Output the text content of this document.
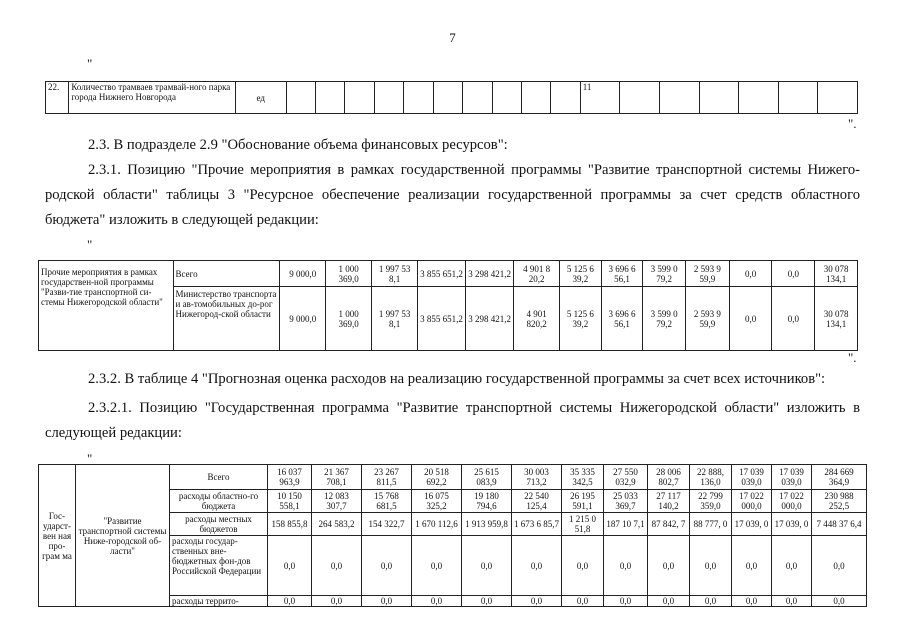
7
"
22.	Количество трамваев трамвай-ного парка города Нижнего Новгорода	ед											11						
".
2.3. В подразделе 2.9 "Обоснование объема финансовых ресурсов":
2.3.1. Позицию "Прочие мероприятия в рамках государственной программы "Развитие транспортной системы Нижего-
родской области" таблицы 3 "Ресурсное обеспечение реализации государственной программы за счет средств областного
бюджета" изложить в следующей редакции:
"
Прочие мероприятия в рамках государствен-ной программы "Разви-тие транспортной си-стемы Нижегородской области"	Всего	9 000,0	1 000 369,0	1 997 53 8,1	3 855 651,2	3 298 421,2	4 901 8 20,2	5 125 6 39,2	3 696 6 56,1	3 599 0 79,2	2 593 9 59,9	0,0	0,0	30 078 134,1
	Министерство транспорта и ав-томобильных до-рог Нижегород-ской области	9 000,0	1 000 369,0	1 997 53 8,1	3 855 651,2	3 298 421,2	4 901 820,2	5 125 6 39,2	3 696 6 56,1	3 599 0 79,2	2 593 9 59,9	0,0	0,0	30 078 134,1
".
2.3.2. В таблице 4 "Прогнозная оценка расходов на реализацию государственной программы за счет всех источников":
2.3.2.1. Позицию "Государственная программа "Развитие транспортной системы Нижегородской области" изложить в
следующей редакции:
"
Гос-ударст-вен ная про-грам ма	"Развитие транспортной системы Ниже-городской об-ласти"	Всего	16 037 963,9	21 367 708,1	23 267 811,5	20 518 692,2	25 615 083,9	30 003 713,2	35 335 342,5	27 550 032,9	28 006 802,7	22 888, 136,0	17 039 039,0	17 039 039,0	284 669 364,9
		расходы областно-го бюджета	10 150 558,1	12 083 307,7	15 768 681,5	16 075 325,2	19 180 794,6	22 540 125,4	26 195 591,1	25 033 369,7	27 117 140,2	22 799 359,0	17 022 000,0	17 022 000,0	230 988 252,5
		расходы местных бюджетов	158 855,8	264 583,2	154 322,7	1 670 112,6	1 913 959,8	1 673 6 85,7	1 215 0 51,8	187 10 7,1	87 842, 7	88 777, 0	17 039, 0	17 039, 0	7 448 37 6,4
		расходы государ-ственных вне-бюджетных фон-дов Российской Федерации	0,0	0,0	0,0	0,0	0,0	0,0	0,0	0,0	0,0	0,0	0,0	0,0	0,0
		расходы террито-	0,0	0,0	0,0	0,0	0,0	0,0	0,0	0,0	0,0	0,0	0,0	0,0	0,0
